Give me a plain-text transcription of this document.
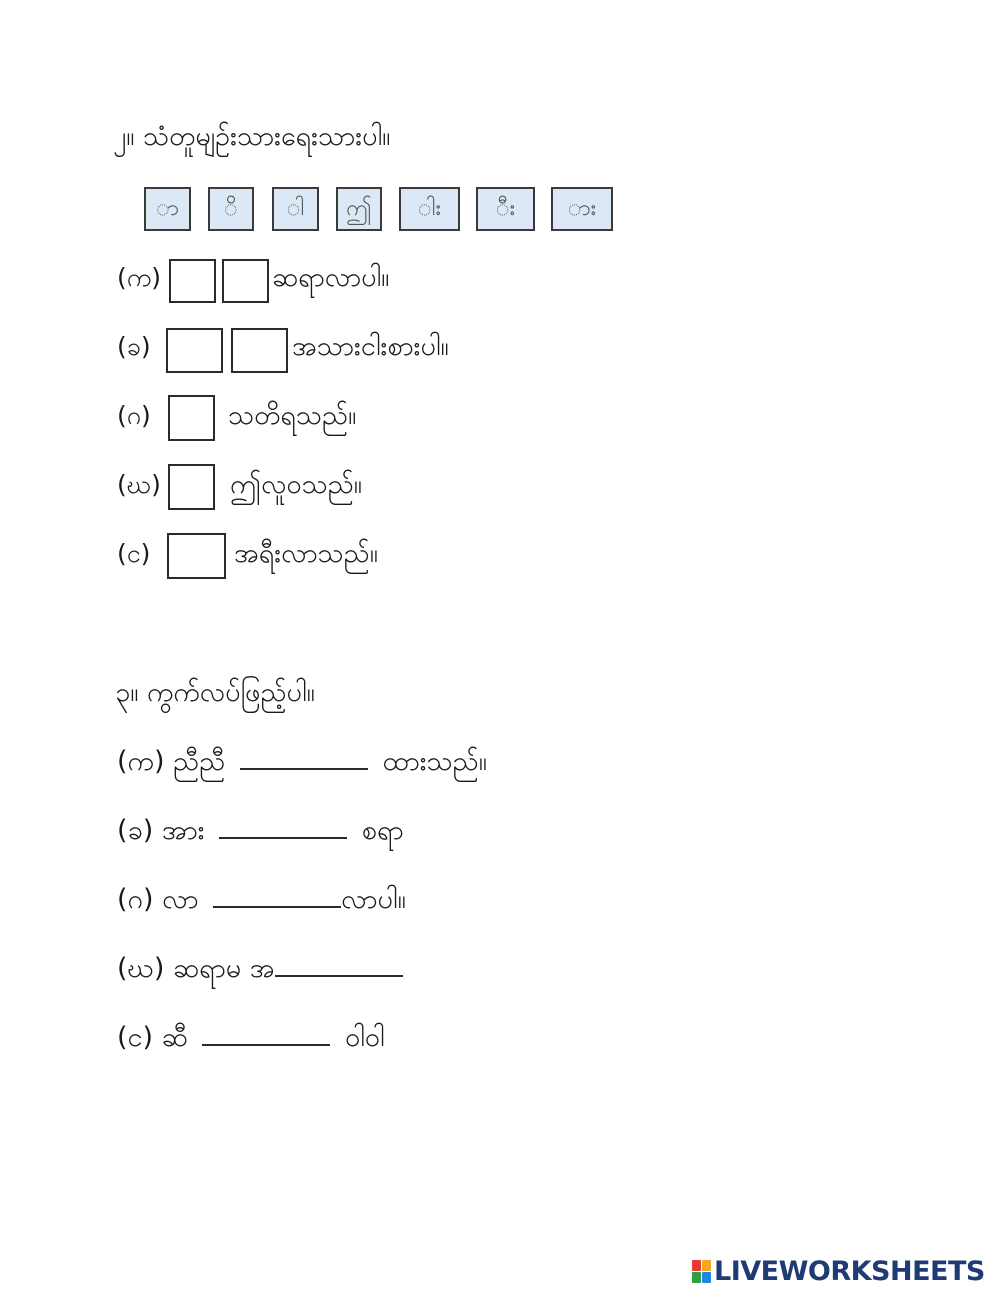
၂။ သံတူမျဉ်းသားရေးသားပါ။
ာ	ိ	ါ	ဤ	ါး	ီး	ား
(က)	ဆရာလာပါ။
(ခ)	အသားငါးစားပါ။
(ဂ)	သတိရသည်။
(ဃ)	ဤလူဝသည်။
(င)	အရီးလာသည်။
၃။ ကွက်လပ်ဖြည့်ပါ။
(က) ညီညီ	ထားသည်။
(ခ) အား	စရာ
(ဂ) လာ	လာပါ။
(ဃ) ဆရာမ အ
(င) ဆီ	ဝါဝါ
LIVEWORKSHEETS
